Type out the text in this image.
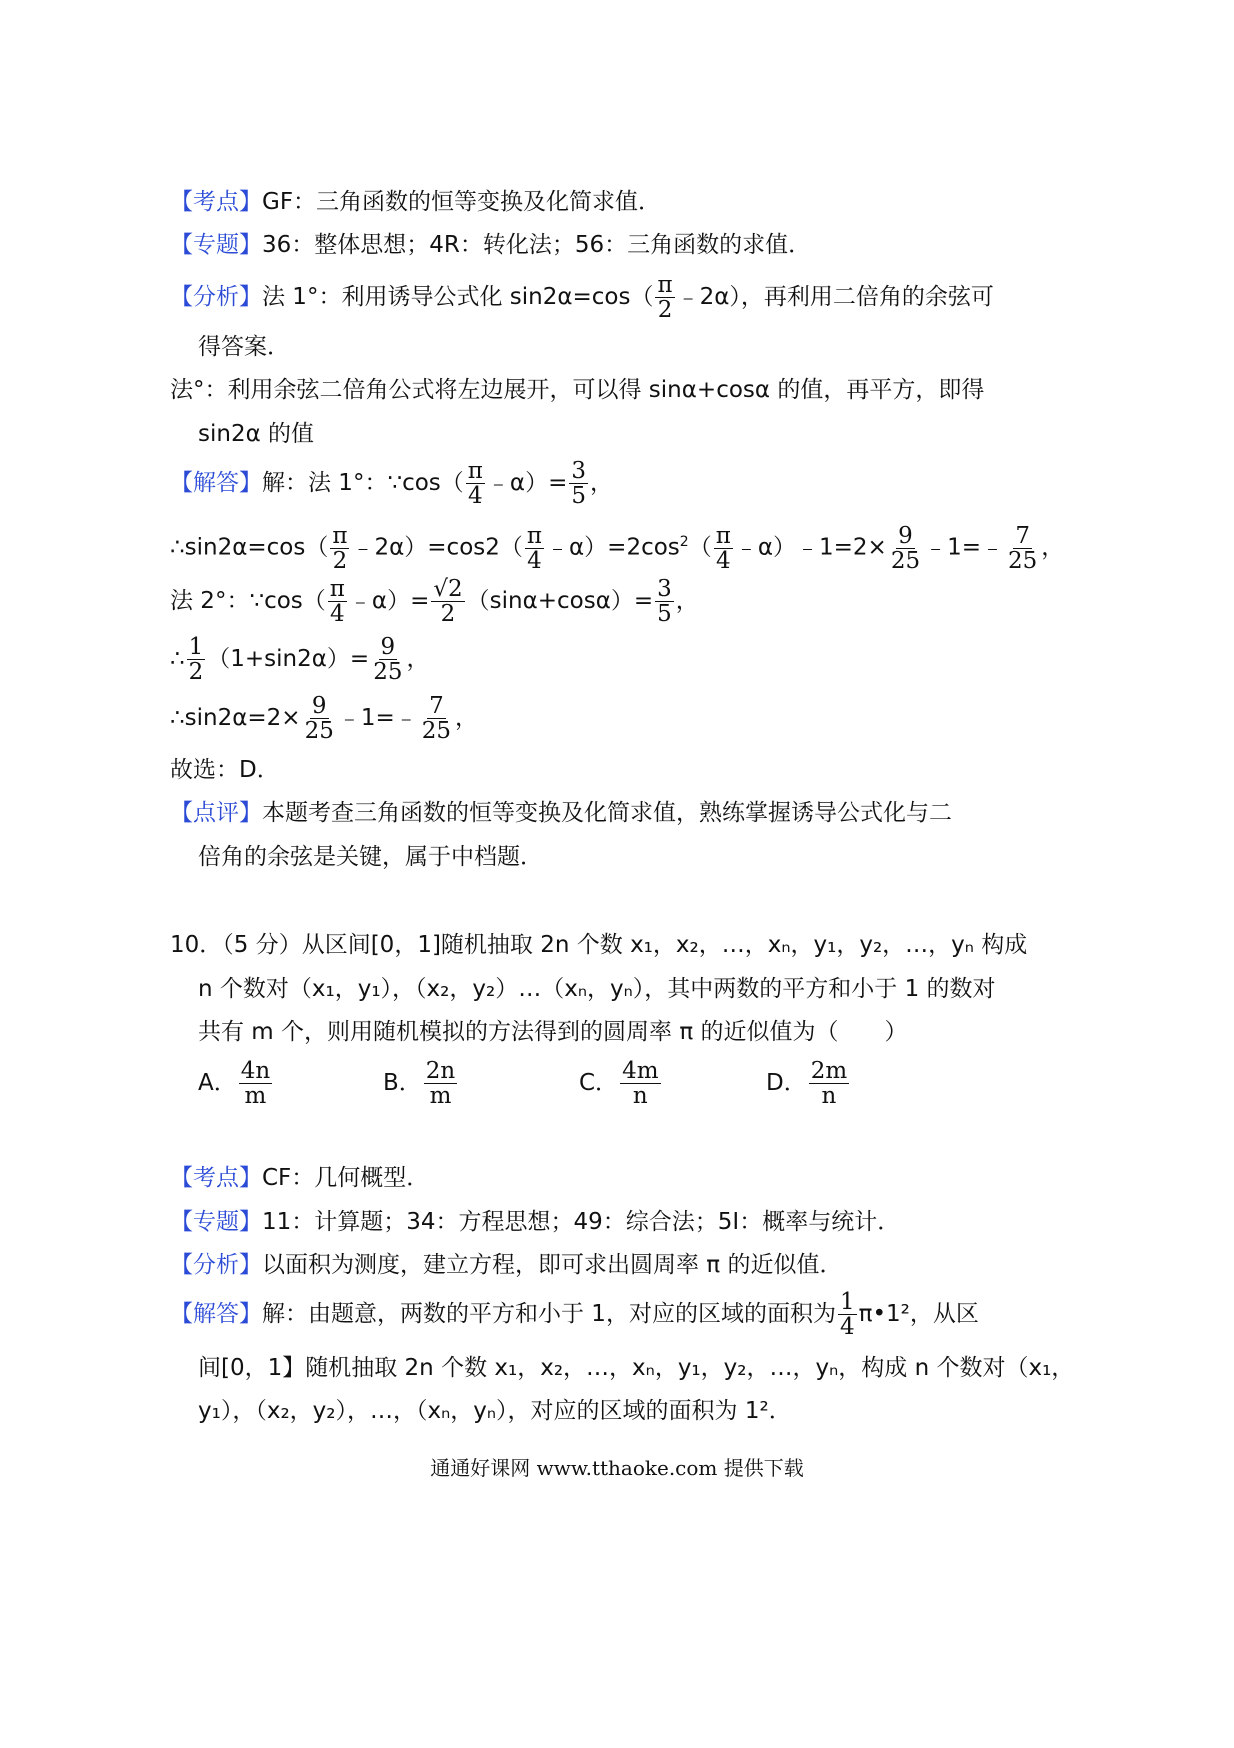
【考点】GF：三角函数的恒等变换及化简求值．
【专题】36：整体思想；4R：转化法；56：三角函数的求值．
【分析】法 1°：利用诱导公式化 $\sin 2\alpha=\cos( \frac{\pi}{2}$ ﹣2α），再利用二倍角的余弦可
得答案．
法°：利用余弦二倍角公式将左边展开，可以得 sinα+cosα 的值，再平方，即得
sin2α 的值
【解答】解：法 1°：∵cos（ $\frac{\pi}{4}$ ﹣α）= $\frac{3}{5}$ ，
∴sin2α=cos（ $\frac{\pi}{2}$ ﹣2α）=cos2（ $\frac{\pi}{4}$ $﹣\alpha)=2\cos^2( \frac{\pi}{4}$ ﹣α）﹣1=2× $\frac{9}{25}$ ﹣1=﹣ $\frac{7}{25}$ ，
法 2°：∵cos（ $\frac{\pi}{4}$ ﹣α）= $\frac{√2}{2} (\sin\alpha+\cos\alpha)= \frac{3}{5}$ ，
∴ $\frac{1}{2} (1+\sin 2\alpha)= \frac{9}{25}$ ，
∴sin2α=2× $\frac{9}{25}$ ﹣1=﹣ $\frac{7}{25}$ ，
故选：D．
【点评】本题考查三角函数的恒等变换及化简求值，熟练掌握诱导公式化与二
倍角的余弦是关键，属于中档题．
10．（5 分）从区间[0，1]随机抽取 2n 个数 x₁，x₂，…，xₙ，y₁，y₂，…，yₙ 构成
n 个数对（x₁，y₁），（x₂，y₂）…（xₙ，yₙ），其中两数的平方和小于 1 的数对
共有 m 个，则用随机模拟的方法得到的圆周率 π 的近似值为（　　）
A． $\frac{4n}{m}$	B． $\frac{2n}{m}$	C． $\frac{4m}{n}$	D． $\frac{2m}{n}$
【考点】CF：几何概型．
【专题】11：计算题；34：方程思想；49：综合法；5I：概率与统计．
【分析】以面积为测度，建立方程，即可求出圆周率 π 的近似值．
【解答】解：由题意，两数的平方和小于 1，对应的区域的面积为 $\frac{1}{4}$ π•1²，从区
间[0，1】随机抽取 2n 个数 x₁，x₂，…，xₙ，y₁，y₂，…，yₙ，构成 n 个数对（x₁，
y₁），（x₂，y₂），…，（xₙ，yₙ），对应的区域的面积为 1²．
通通好课网 www.tthaoke.com 提供下载
